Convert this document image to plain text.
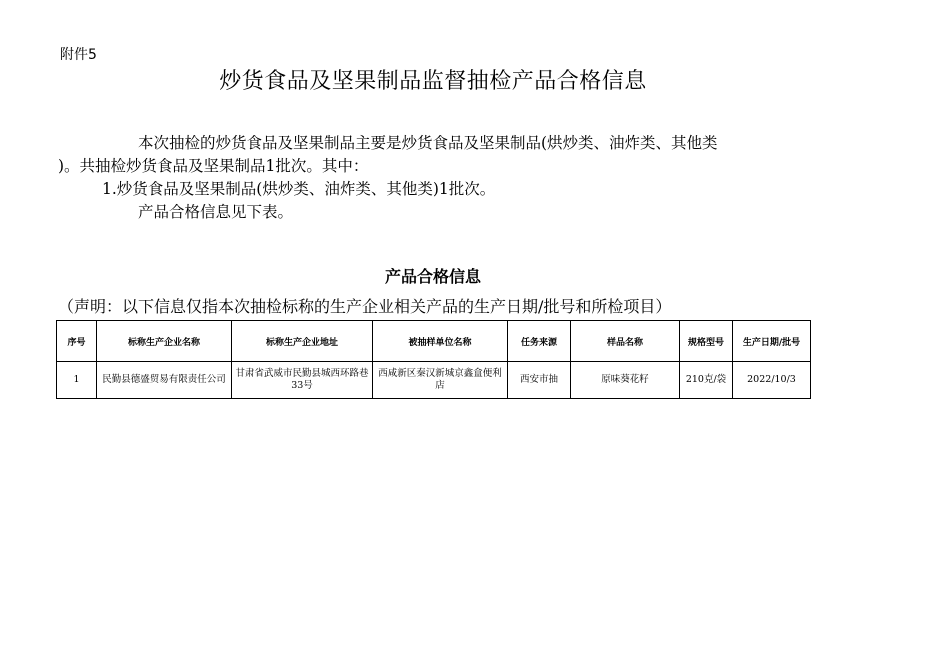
附件5
炒货食品及坚果制品监督抽检产品合格信息
本次抽检的炒货食品及坚果制品主要是炒货食品及坚果制品(烘炒类、油炸类、其他类
)。共抽检炒货食品及坚果制品1批次。其中：
1.炒货食品及坚果制品(烘炒类、油炸类、其他类)1批次。
产品合格信息见下表。
产品合格信息
（声明：以下信息仅指本次抽检标称的生产企业相关产品的生产日期/批号和所检项目）
序号	标称生产企业名称	标称生产企业地址	被抽样单位名称	任务来源	样品名称	规格型号	生产日期/批号
1	民勤县德盛贸易有限责任公司	甘肃省武威市民勤县城西环路巷33号	西咸新区秦汉新城京鑫盒便利店	西安市抽	原味葵花籽	210克/袋	2022/10/3
